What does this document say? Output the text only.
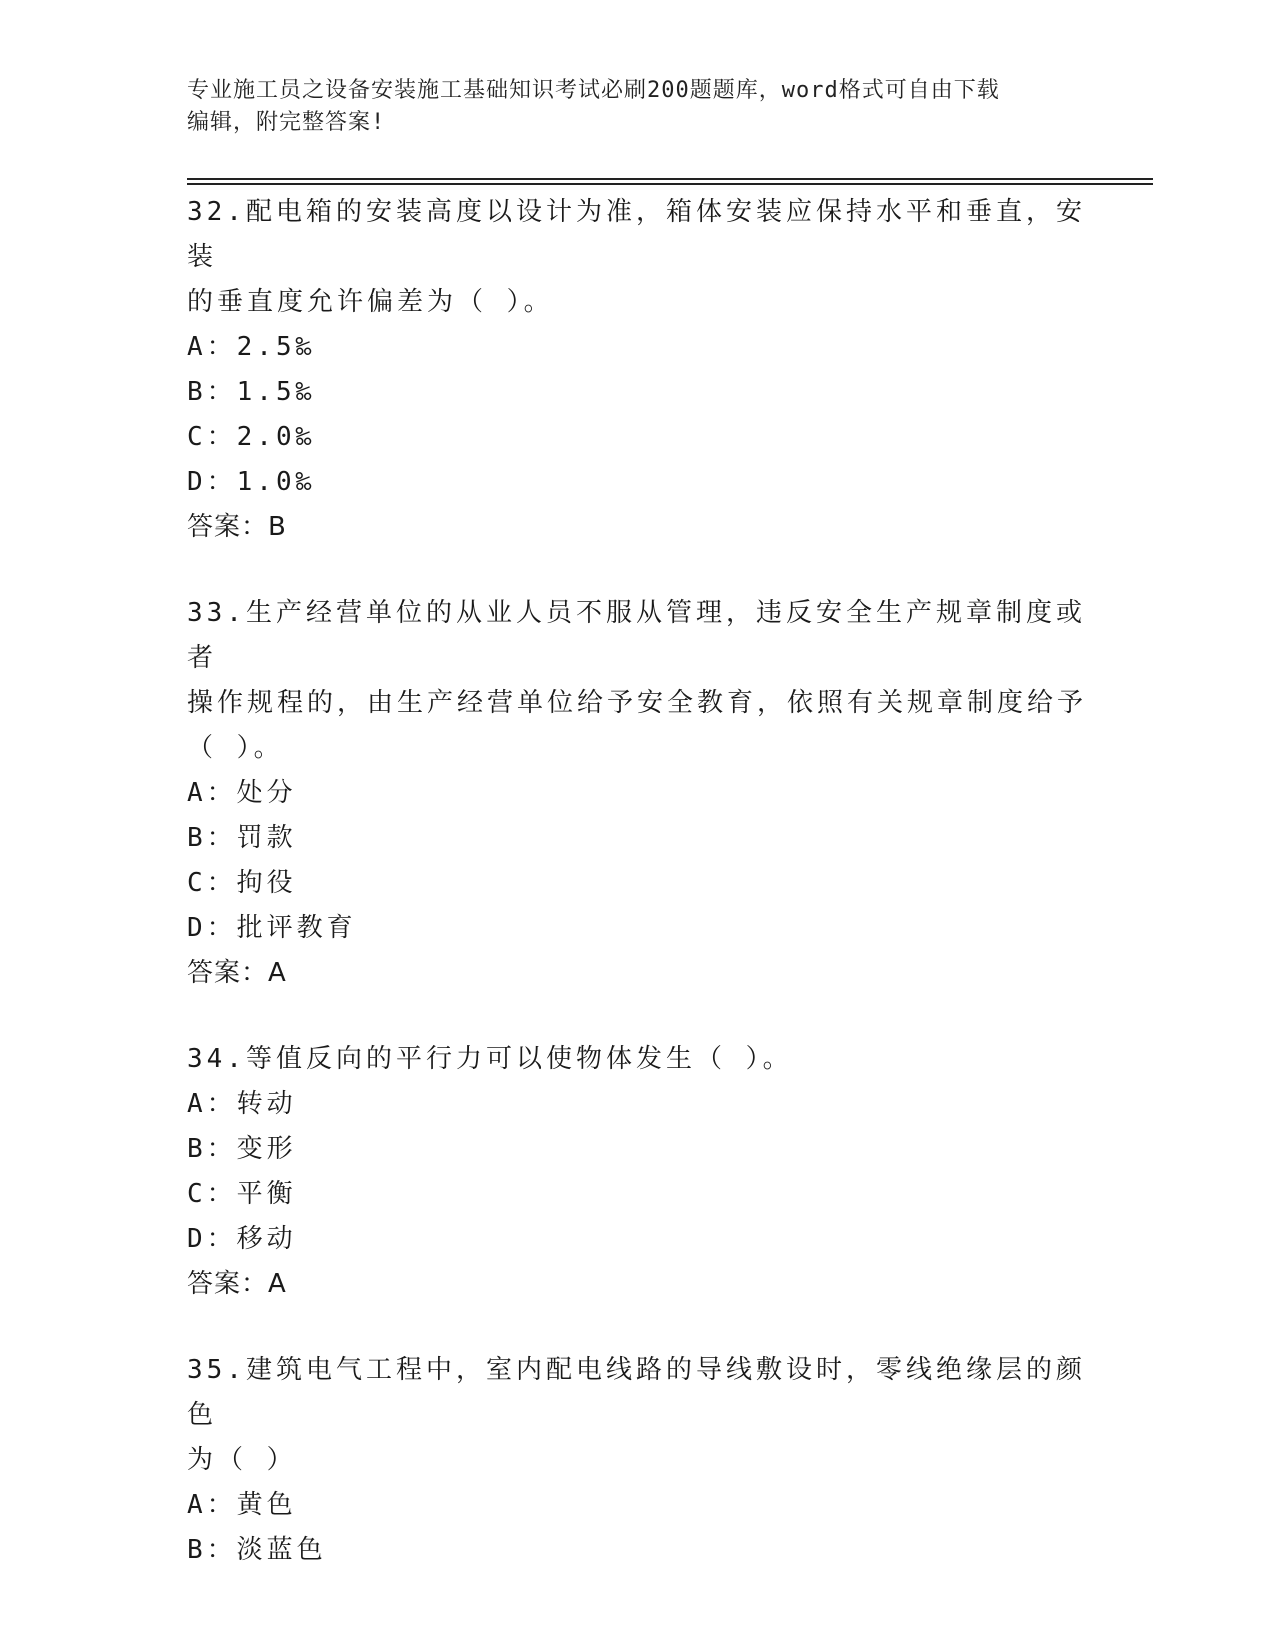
专业施工员之设备安装施工基础知识考试必刷200题题库，word格式可自由下载
编辑，附完整答案!

32.配电箱的安装高度以设计为准，箱体安装应保持水平和垂直，安装

的垂直度允许偏差为（ ）。

A：2.5‰

B：1.5‰

C：2.0‰

D：1.0‰

答案：B

33.生产经营单位的从业人员不服从管理，违反安全生产规章制度或者

操作规程的，由生产经营单位给予安全教育，依照有关规章制度给予

（ ）。

A：处分

B：罚款

C：拘役

D：批评教育

答案：A

34.等值反向的平行力可以使物体发生（ ）。

A：转动

B：变形

C：平衡

D：移动

答案：A

35.建筑电气工程中，室内配电线路的导线敷设时，零线绝缘层的颜色

为（ ）

A：黄色

B：淡蓝色
